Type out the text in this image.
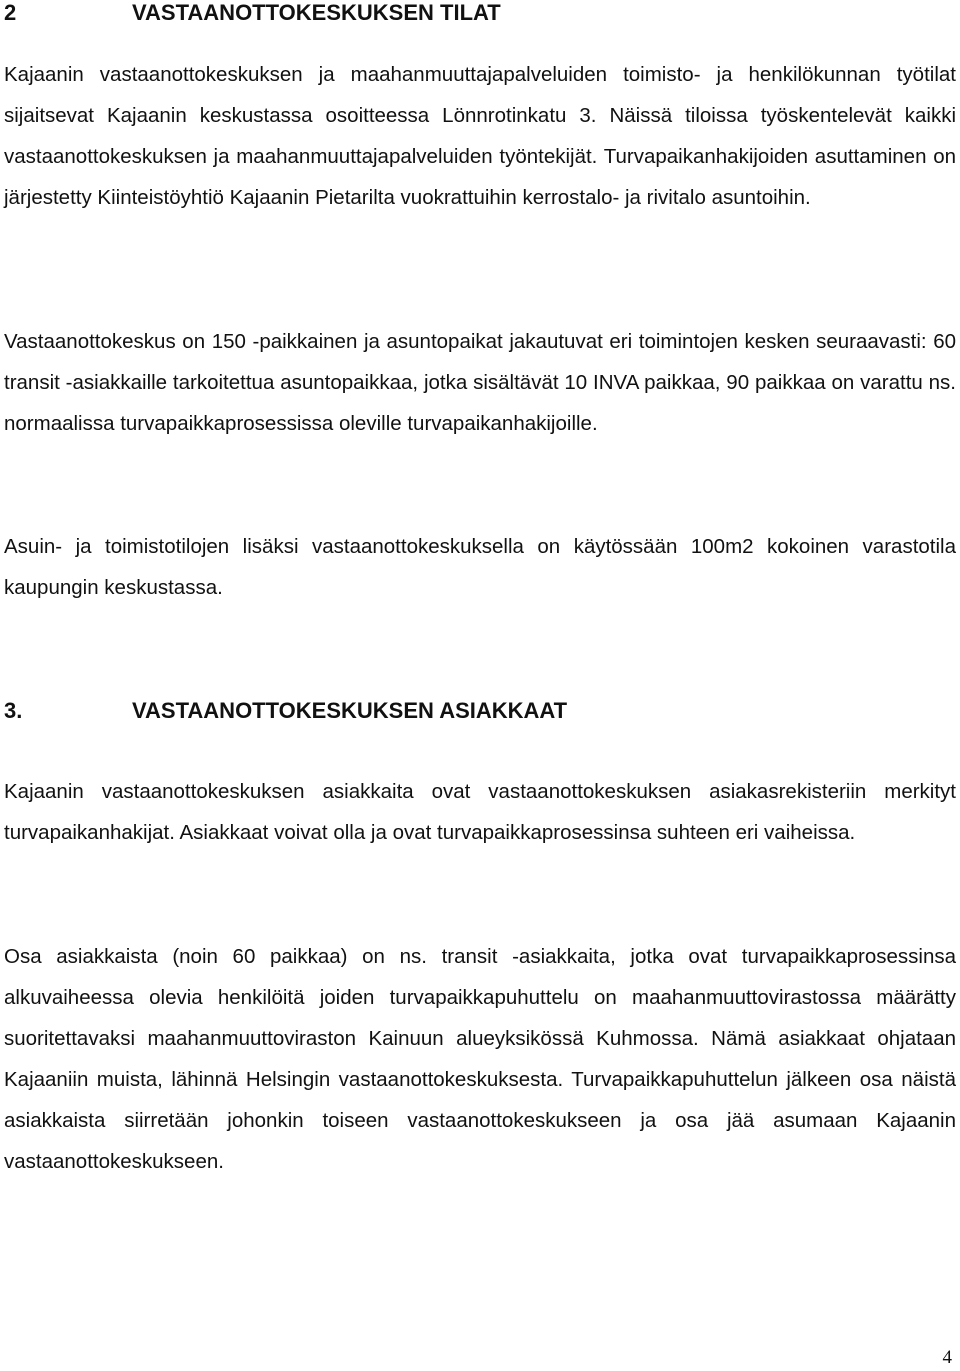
2	VASTAANOTTOKESKUKSEN TILAT

Kajaanin vastaanottokeskuksen ja maahanmuuttajapalveluiden toimisto- ja henkilökunnan työtilat sijaitsevat Kajaanin keskustassa osoitteessa Lönnrotinkatu 3. Näissä tiloissa työskentelevät kaikki vastaanottokeskuksen ja maahanmuuttajapalveluiden työntekijät. Turvapaikanhakijoiden asuttaminen on järjestetty Kiinteistöyhtiö Kajaanin Pietarilta vuokrattuihin kerrostalo- ja rivitalo asuntoihin.

Vastaanottokeskus on 150 -paikkainen ja asuntopaikat jakautuvat eri toimintojen kesken seuraavasti: 60 transit -asiakkaille tarkoitettua asuntopaikkaa, jotka sisältävät 10 INVA paikkaa, 90 paikkaa on varattu ns. normaalissa turvapaikkaprosessissa oleville turvapaikanhakijoille.

Asuin- ja toimistotilojen lisäksi vastaanottokeskuksella on käytössään 100m2 kokoinen varastotila kaupungin keskustassa.

3.	VASTAANOTTOKESKUKSEN ASIAKKAAT

Kajaanin vastaanottokeskuksen asiakkaita ovat vastaanottokeskuksen asiakasrekisteriin merkityt turvapaikanhakijat. Asiakkaat voivat olla ja ovat turvapaikkaprosessinsa suhteen eri vaiheissa.

Osa asiakkaista (noin 60 paikkaa) on ns. transit -asiakkaita, jotka ovat turvapaikkaprosessinsa alkuvaiheessa olevia henkilöitä joiden turvapaikkapuhuttelu on maahanmuuttovirastossa määrätty suoritettavaksi maahanmuuttoviraston Kainuun alueyksikössä Kuhmossa. Nämä asiakkaat ohjataan Kajaaniin muista, lähinnä Helsingin vastaanottokeskuksesta. Turvapaikkapuhuttelun jälkeen osa näistä asiakkaista siirretään johonkin toiseen vastaanottokeskukseen ja osa jää asumaan Kajaanin vastaanottokeskukseen.

4
